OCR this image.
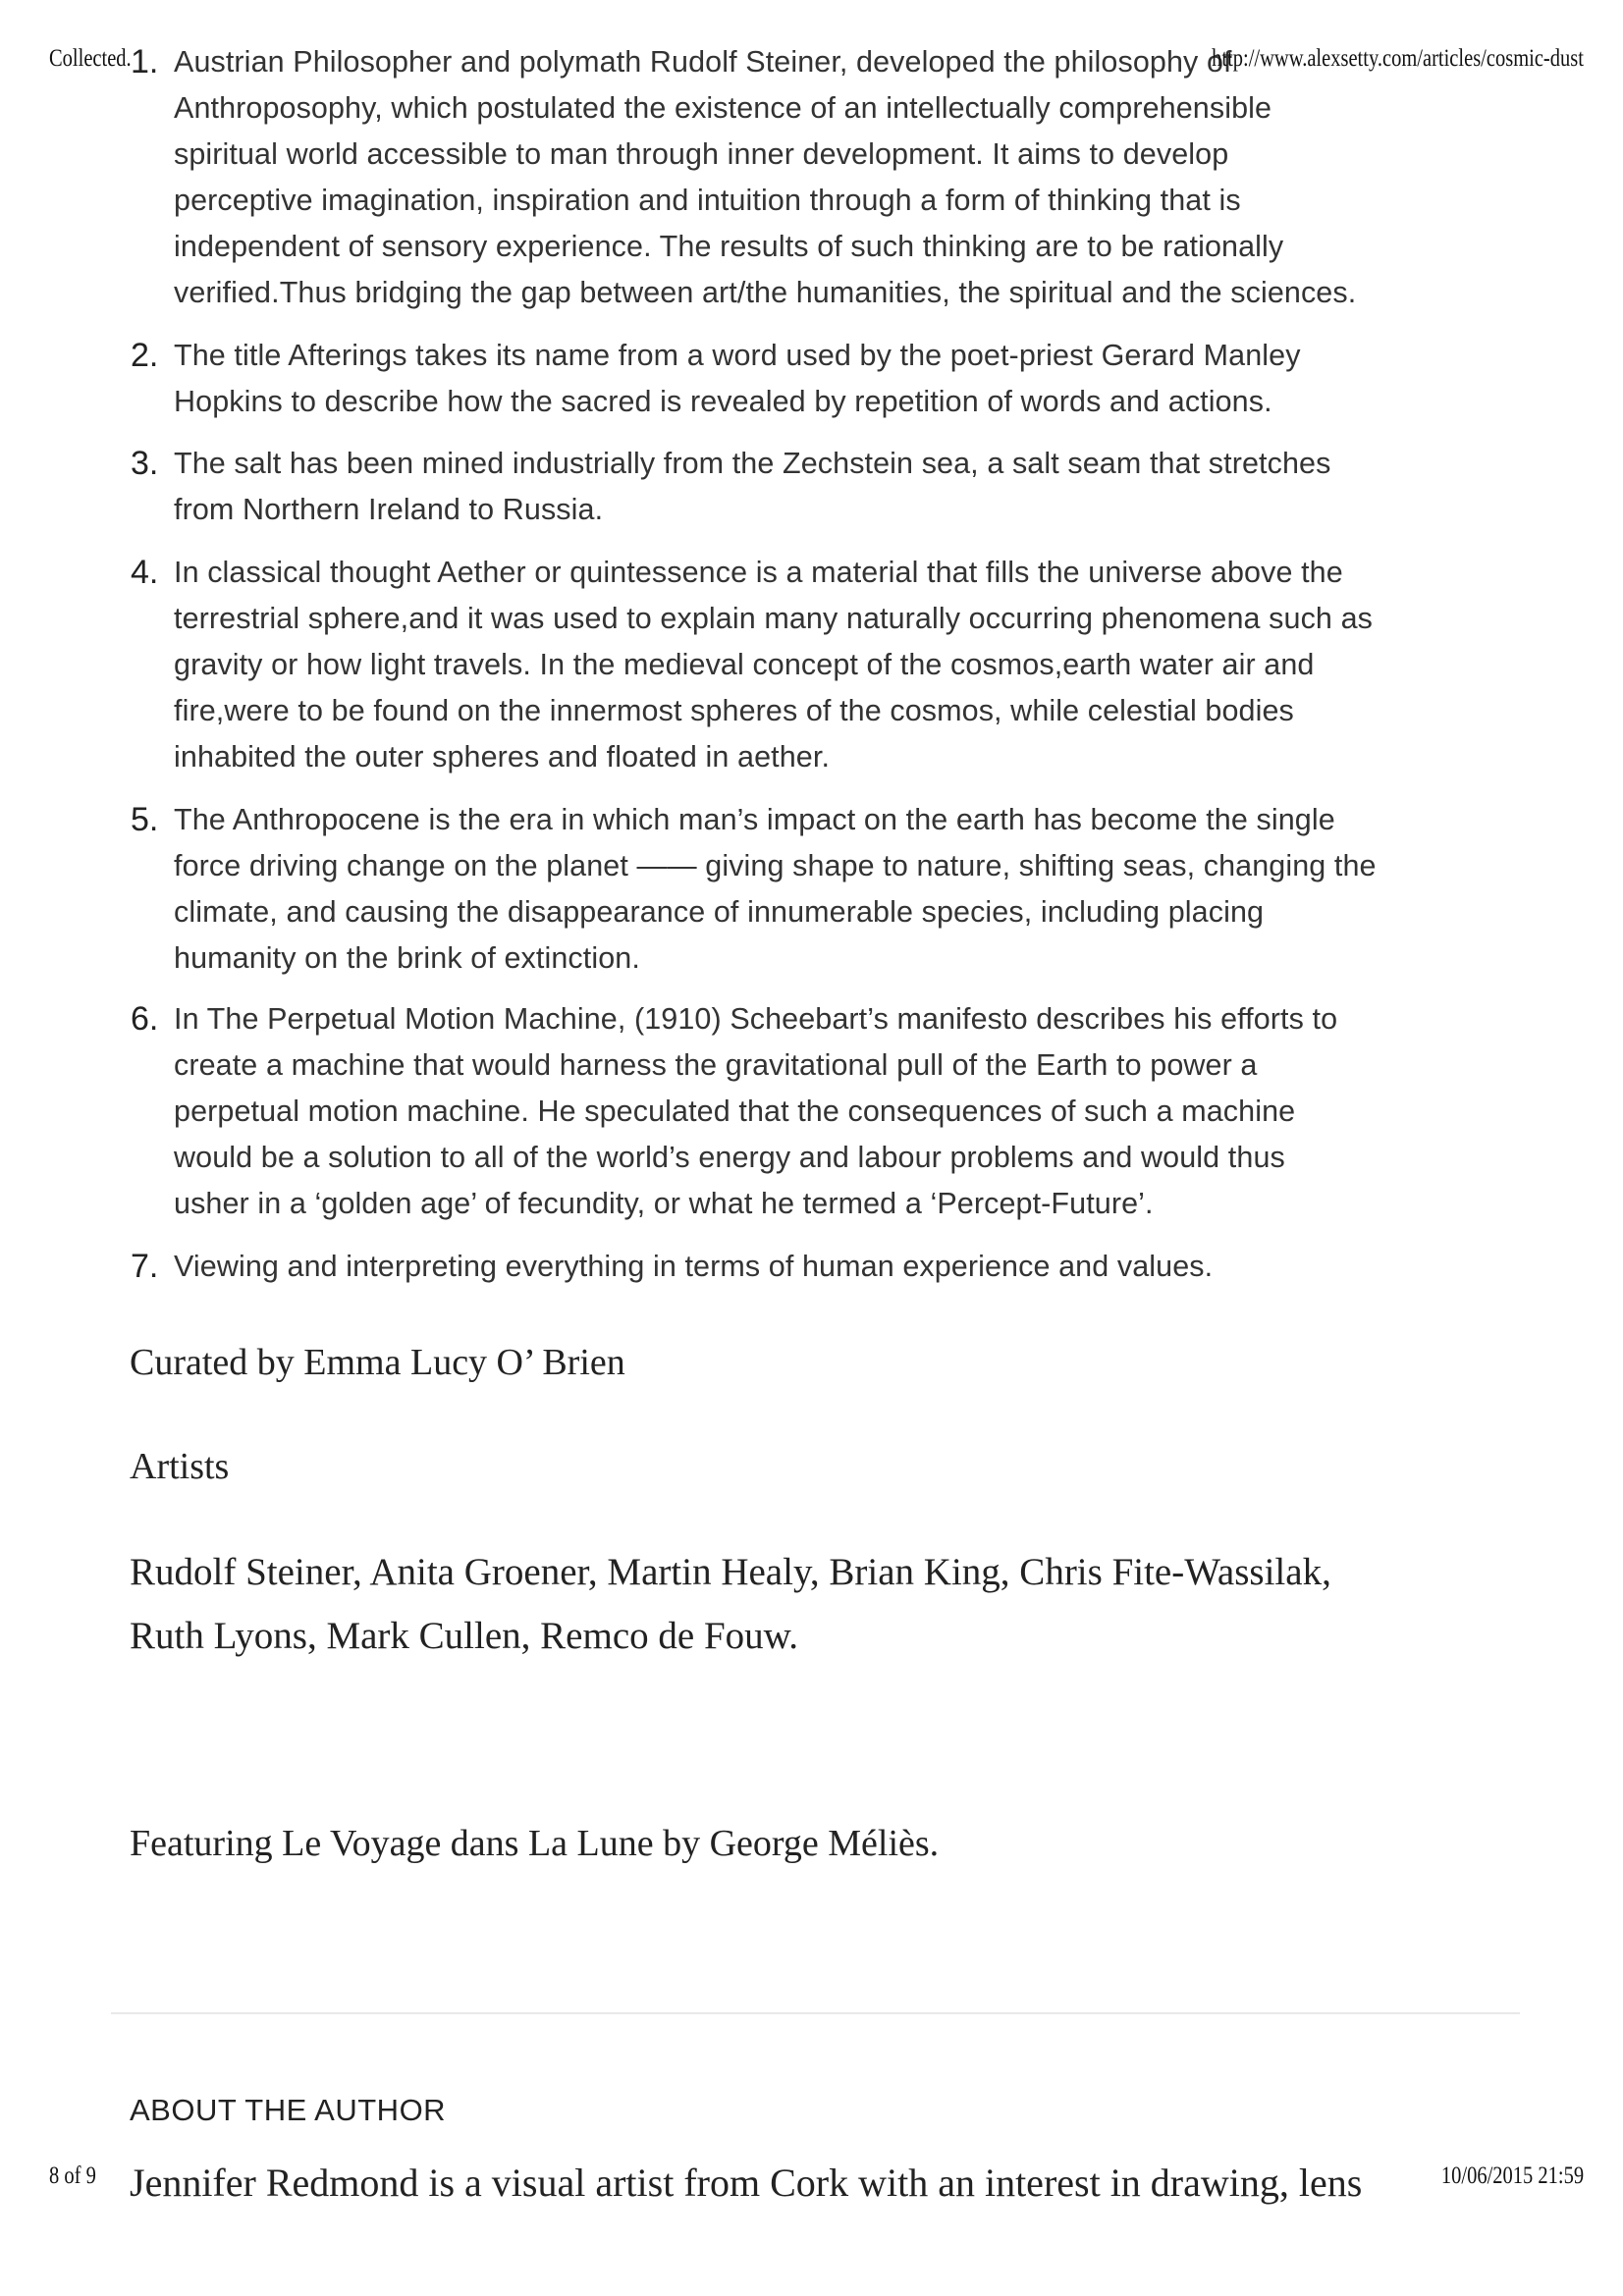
1. Austrian Philosopher and polymath Rudolf Steiner, developed the philosophy of
Anthroposophy, which postulated the existence of an intellectually comprehensible
spiritual world accessible to man through inner development. It aims to develop
perceptive imagination, inspiration and intuition through a form of thinking that is
independent of sensory experience. The results of such thinking are to be rationally
verified.Thus bridging the gap between art/the humanities, the spiritual and the sciences.
2. The title Afterings takes its name from a word used by the poet-priest Gerard Manley
Hopkins to describe how the sacred is revealed by repetition of words and actions.
3. The salt has been mined industrially from the Zechstein sea, a salt seam that stretches
from Northern Ireland to Russia.
4. In classical thought Aether or quintessence is a material that fills the universe above the
terrestrial sphere,and it was used to explain many naturally occurring phenomena such as
gravity or how light travels. In the medieval concept of the cosmos,earth water air and
fire,were to be found on the innermost spheres of the cosmos, while celestial bodies
inhabited the outer spheres and floated in aether.
5. The Anthropocene is the era in which man’s impact on the earth has become the single
force driving change on the planet —— giving shape to nature, shifting seas, changing the
climate, and causing the disappearance of innumerable species, including placing
humanity on the brink of extinction.
6. In The Perpetual Motion Machine, (1910) Scheebart’s manifesto describes his efforts to
create a machine that would harness the gravitational pull of the Earth to power a
perpetual motion machine. He speculated that the consequences of such a machine
would be a solution to all of the world’s energy and labour problems and would thus
usher in a ‘golden age’ of fecundity, or what he termed a ‘Percept-Future’.
7. Viewing and interpreting everything in terms of human experience and values.
Curated by Emma Lucy O’ Brien
Artists
Rudolf Steiner, Anita Groener, Martin Healy, Brian King, Chris Fite-Wassilak,
Ruth Lyons, Mark Cullen, Remco de Fouw.
Featuring Le Voyage dans La Lune by George Méliès.
ABOUT THE AUTHOR
Jennifer Redmond is a visual artist from Cork with an interest in drawing, lens
Collected.	http://www.alexsetty.com/articles/cosmic-dust
8 of 9	10/06/2015 21:59
